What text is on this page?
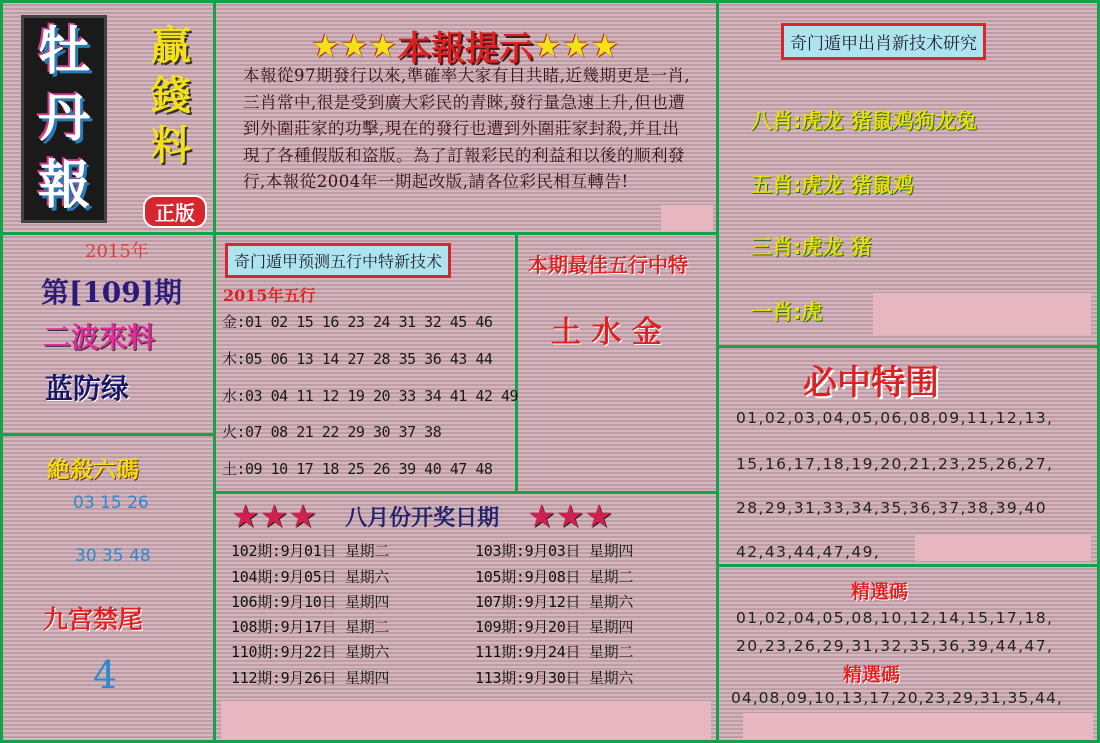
牡
丹
報
贏
錢
料
正版
★★★ 本報提示 ★★★
本報從97期發行以來,準確率大家有目共睹,近幾期更是一肖,三肖常中,很是受到廣大彩民的青睞,發行量急速上升,但也遭到外圍莊家的功擊,現在的發行也遭到外圍莊家封殺,并且出現了各種假版和盗版。為了訂報彩民的利益和以後的顺利發行,本報從2004年一期起改版,請各位彩民相互轉告!
2015年
第[109]期
二波來料
蓝防绿
絶殺六碼
03 15 26
30 35 48
九宫禁尾
4
奇门遁甲预测五行中特新技术
2015年五行
金:01 02 15 16 23 24 31 32 45 46
木:05 06 13 14 27 28 35 36 43 44
水:03 04 11 12 19 20 33 34 41 42 49
火:07 08 21 22 29 30 37 38
土:09 10 17 18 25 26 39 40 47 48
本期最佳五行中特
土 水 金
★★★ 八月份开奖日期 ★★★
102期:9月01日 星期二
104期:9月05日 星期六
106期:9月10日 星期四
108期:9月17日 星期二
110期:9月22日 星期六
112期:9月26日 星期四
103期:9月03日 星期四
105期:9月08日 星期二
107期:9月12日 星期六
109期:9月20日 星期四
111期:9月24日 星期二
113期:9月30日 星期六
奇门遁甲出肖新技术研究
八肖:虎龙 猪鼠鸡狗龙兔
五肖:虎龙 猪鼠鸡
三肖:虎龙 猪
一肖:虎
必中特围
01,02,03,04,05,06,08,09,11,12,13,
15,16,17,18,19,20,21,23,25,26,27,
28,29,31,33,34,35,36,37,38,39,40
42,43,44,47,49,
精選碼
01,02,04,05,08,10,12,14,15,17,18,
20,23,26,29,31,32,35,36,39,44,47,
精選碼
04,08,09,10,13,17,20,23,29,31,35,44,
